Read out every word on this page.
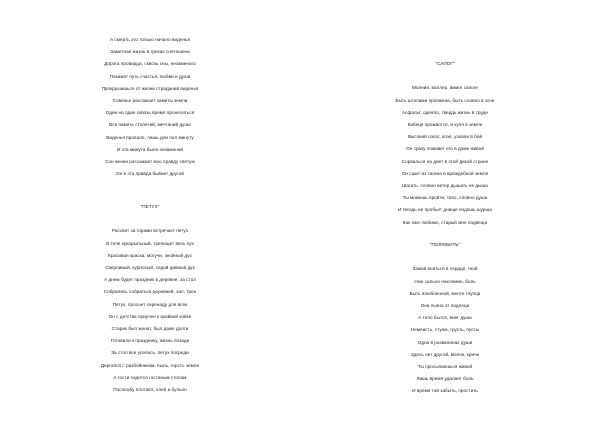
А смерть это только начало виденья
Заметная жизнь в грехах снятошена
Дорога провидца, сквозь сны, незаменого
Покажет путь счастья, любви и души
Прокрушишься от жизни страданий виденья
Совенье рассажает заметы земли
Один на один сквозь время пронеситься
Вся память столетий, мечтаний души
Виденья пропало, лишь дли пол минуту
И эта минута было незаменой
Сон жизни рассажает всю правду святую
Он в эта правда бывает другой
"ПЕТУХ"

Рассвет за горами встречает петух
В теле кукарыльный, трепещет весь пух
Красивая краска, могучи, знойный дух
Сверливый, курносый, седой дивный дух
А днем будет праздник в деревне, за стол
Собрались собраться деревней, зал, трон
Петух, проснет серенаду для всех
Он с детства приучен к крайвой койке
Старик был женат, был даже долги
Готовили к празднику, жизнь позади
За стол все уселись, петух посреди
Дергался с разбойником, пыль, горсть земли
А гости сидятся гостиным столом
Послеобу плотают, хлеб и бульон
"САПОГ"

Молния, валлер, вмиге сапоге
Быть штопами прояжена, быть словно в огне
Асфальт, одеяло, твердь жизнь в труде
Кабеця прожиотся, и куля в земле
Высокий сапог, хозя, уэхали в бой
Он сразу поживет его в доме живой
Сорвалься на диет в этой дикой стране
Он сшит из тагина в враждебной земле
Шагать, словно ветер дышать не дыша
Ты можешь пройти, тихо, словно душа
И гвоздь не пробьет днище подошь шурша
Как лже любимо, старый мне подвеща
"ПОЛЮБИТЬ"

Зажав вниться в сердце, гной
Нож сильно нахлемен, боль
Быть влюбленной, менте глупца
Она пьяна от подлеца
А тело бытся, внег души
Немеисть, стужа, грусть, пусты
Одна в развалинах души
Здесь нет другой, молча, кричи
Ты просыпаешься живой
Лишь время удаляет боль
И время той забыть, простить
